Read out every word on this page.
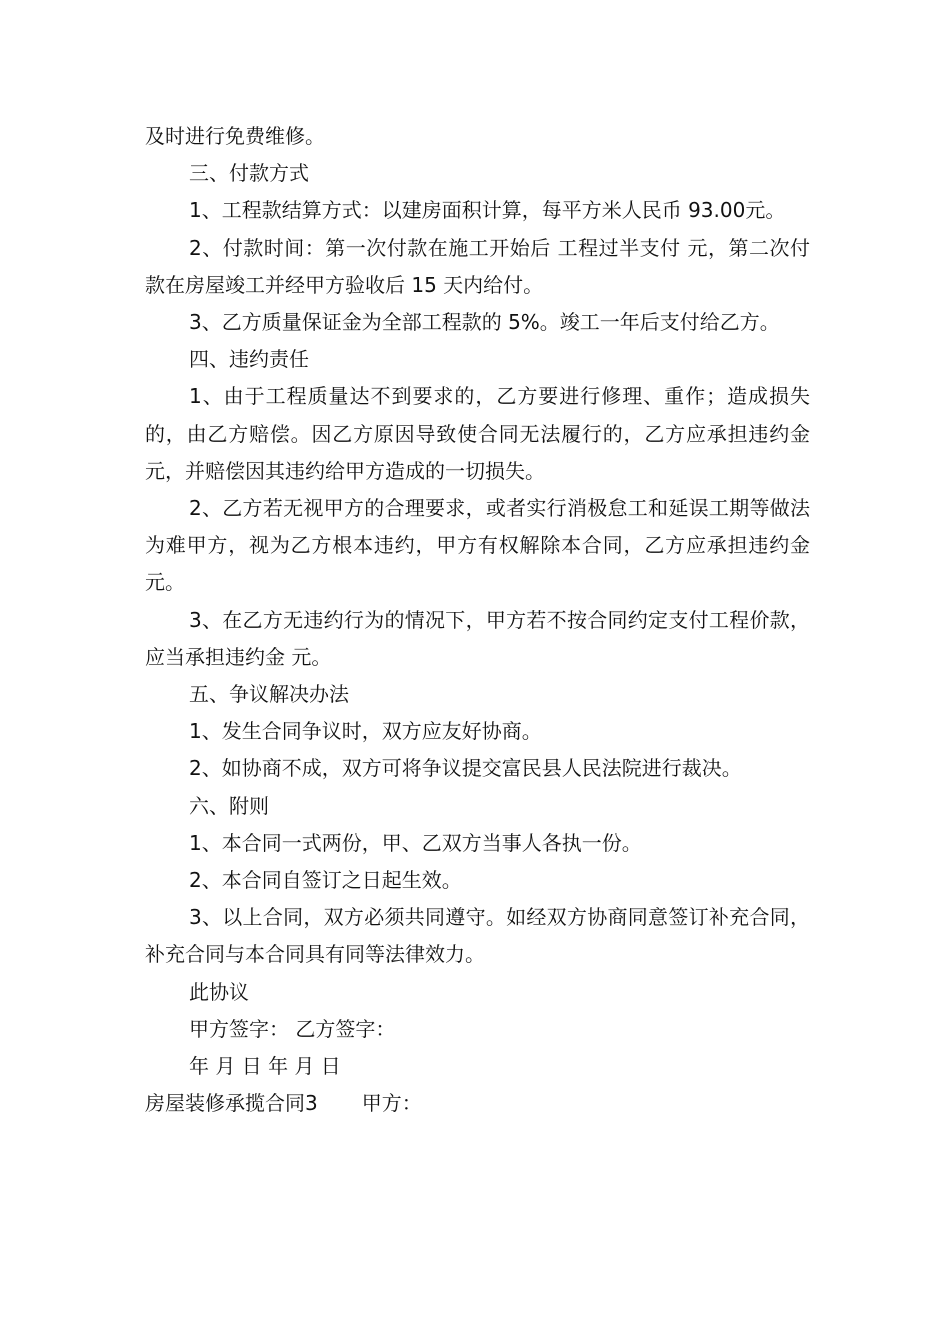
及时进行免费维修。

三、付款方式

1、工程款结算方式：以建房面积计算，每平方米人民币 93.00元。

2、付款时间：第一次付款在施工开始后 工程过半支付 元，第二次付款在房屋竣工并经甲方验收后 15 天内给付。

3、乙方质量保证金为全部工程款的 5%。竣工一年后支付给乙方。

四、违约责任

1、由于工程质量达不到要求的，乙方要进行修理、重作；造成损失的，由乙方赔偿。因乙方原因导致使合同无法履行的，乙方应承担违约金 元，并赔偿因其违约给甲方造成的一切损失。

2、乙方若无视甲方的合理要求，或者实行消极怠工和延误工期等做法为难甲方，视为乙方根本违约，甲方有权解除本合同，乙方应承担违约金 元。

3、在乙方无违约行为的情况下，甲方若不按合同约定支付工程价款，应当承担违约金 元。

五、争议解决办法

1、发生合同争议时，双方应友好协商。

2、如协商不成，双方可将争议提交富民县人民法院进行裁决。

六、附则

1、本合同一式两份，甲、乙双方当事人各执一份。

2、本合同自签订之日起生效。

3、以上合同，双方必须共同遵守。如经双方协商同意签订补充合同，补充合同与本合同具有同等法律效力。

此协议

甲方签字： 乙方签字：

年 月 日 年 月 日

房屋装修承揽合同3 甲方：
